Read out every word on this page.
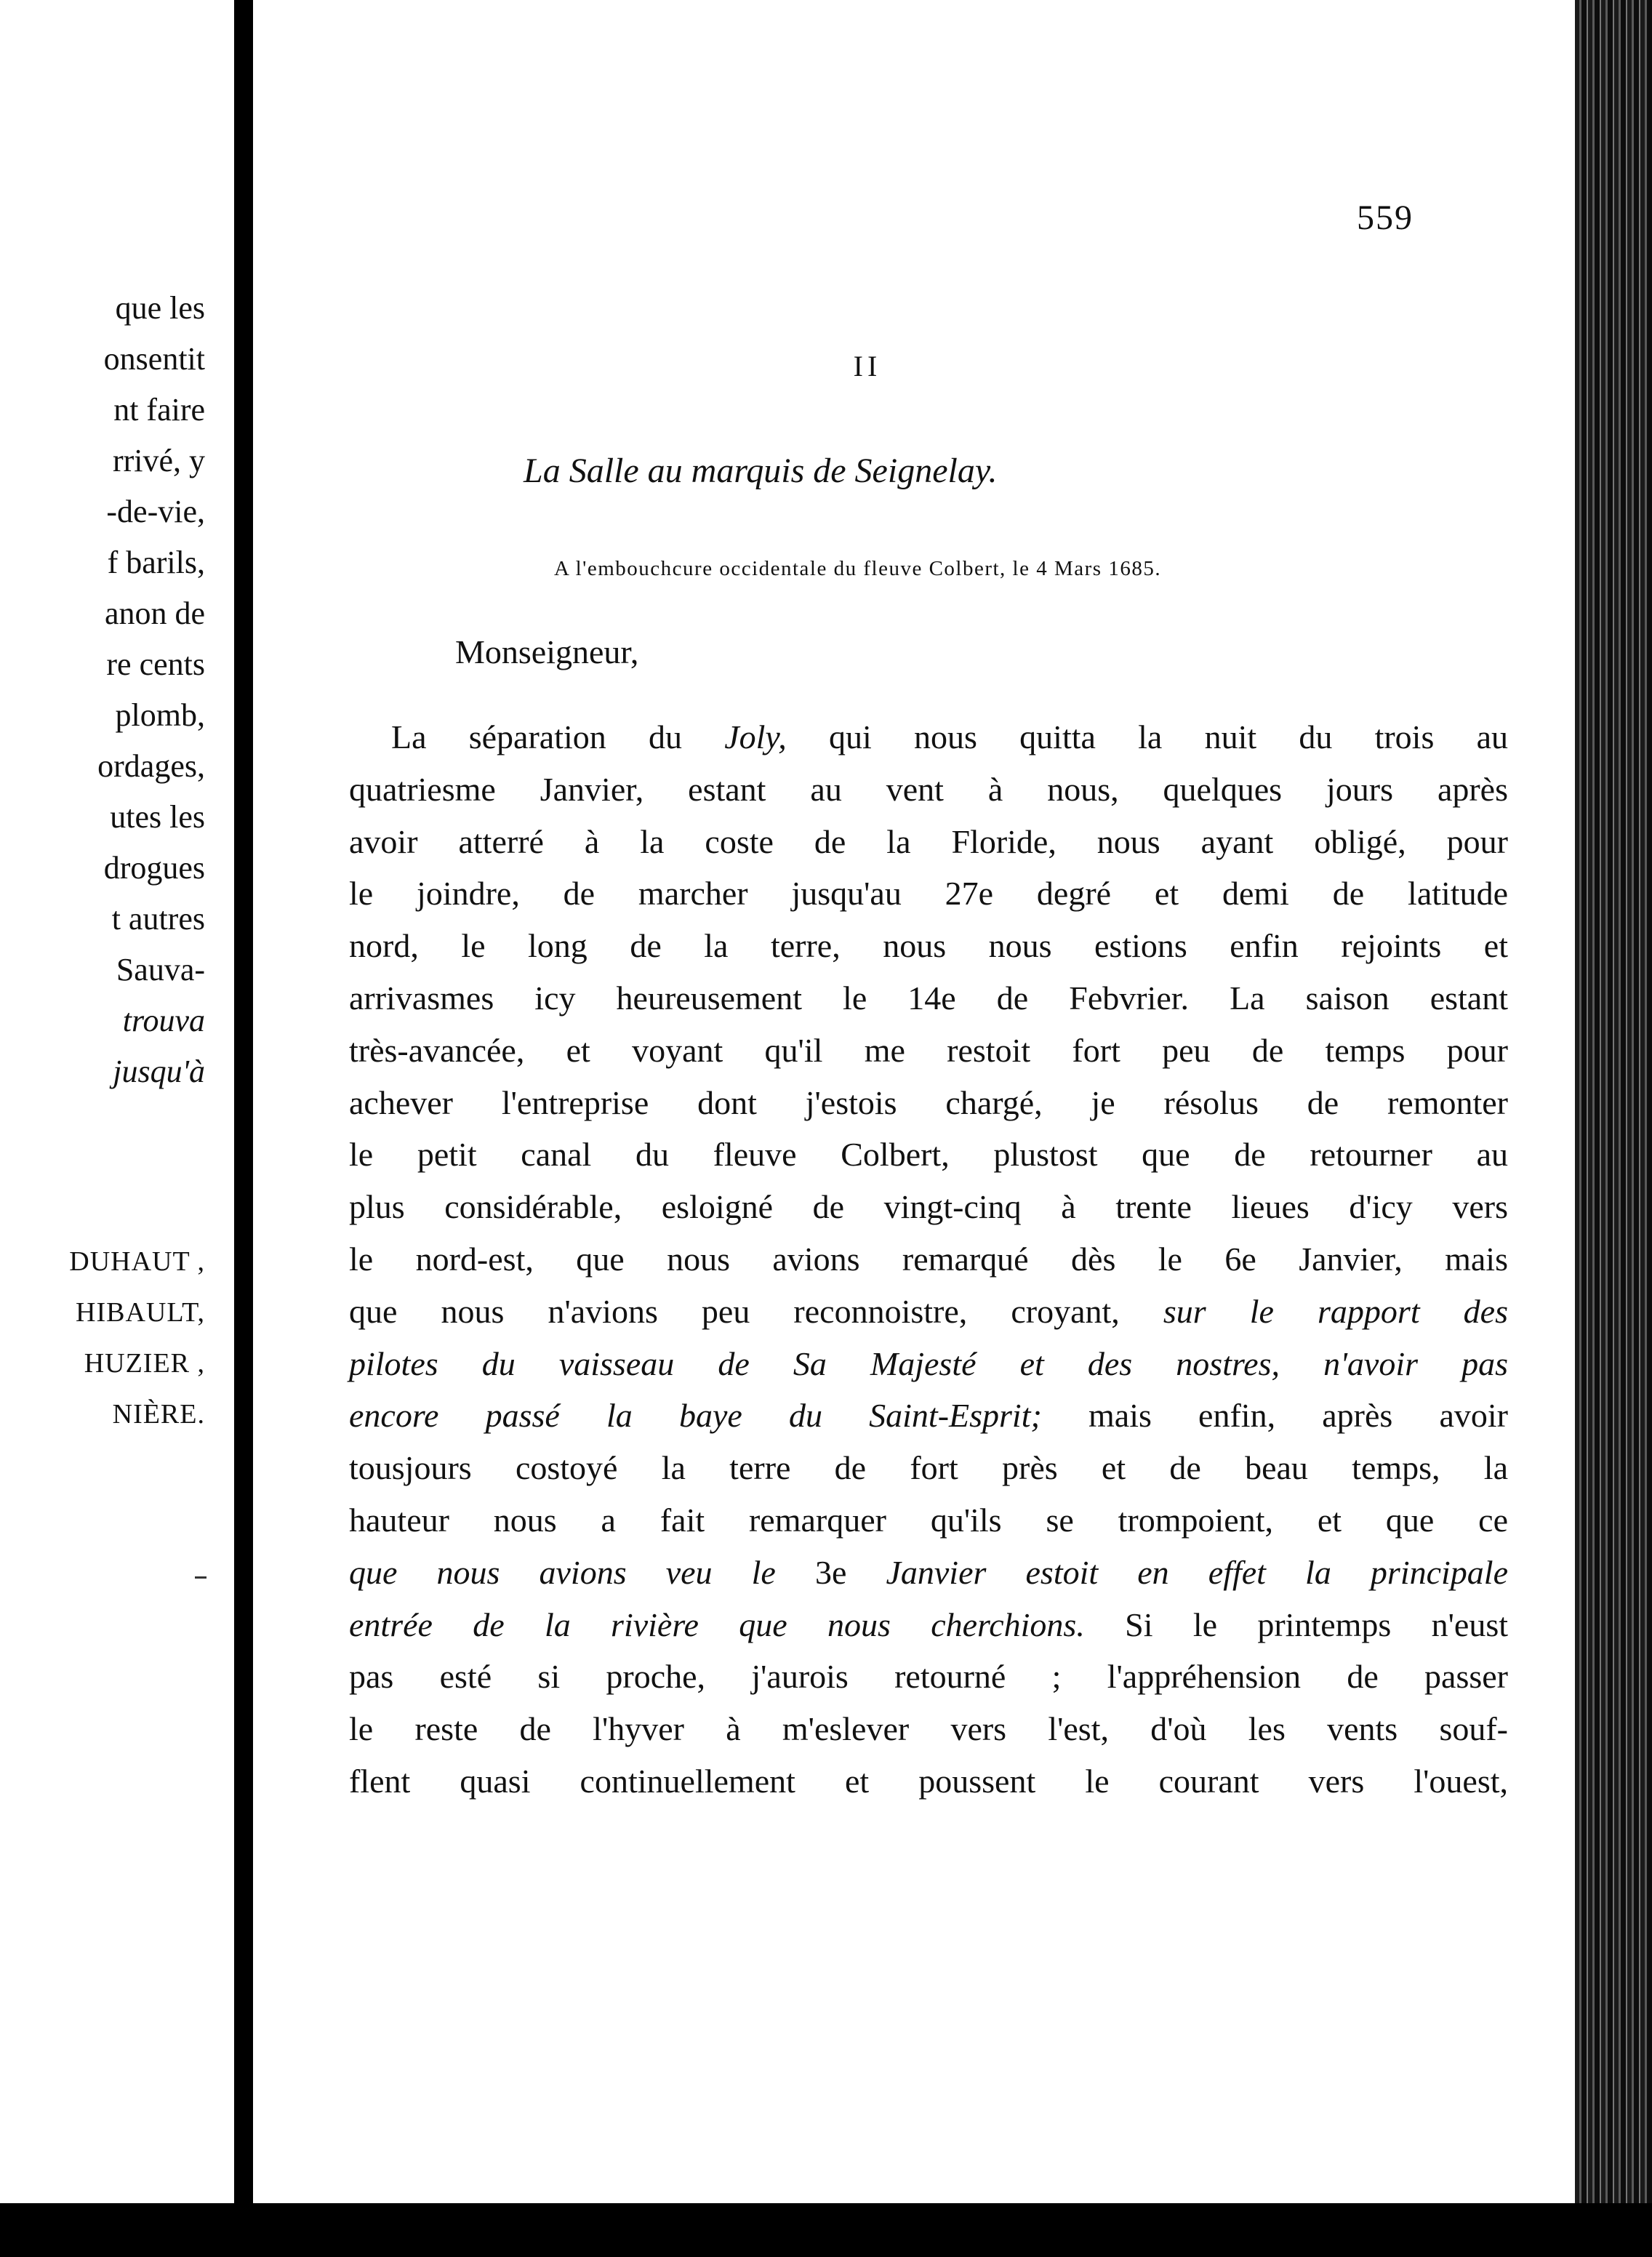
que les
onsentit
nt faire
rrivé, y
-de-vie,
f barils,
anon de
re cents
plomb,
ordages,
utes les
drogues
t autres
Sauva-
trouva
jusqu'à
DUHAUT ,
HIBAULT,
HUZIER ,
NIÈRE.
559
II
La Salle au marquis de Seignelay.
A l'embouchcure occidentale du fleuve Colbert, le 4 Mars 1685.
Monseigneur,
La séparation du Joly, qui nous quitta la nuit du trois au
quatriesme Janvier, estant au vent à nous, quelques jours après
avoir atterré à la coste de la Floride, nous ayant obligé, pour
le joindre, de marcher jusqu'au 27e degré et demi de latitude
nord, le long de la terre, nous nous estions enfin rejoints et
arrivasmes icy heureusement le 14e de Febvrier. La saison estant
très-avancée, et voyant qu'il me restoit fort peu de temps pour
achever l'entreprise dont j'estois chargé, je résolus de remonter
le petit canal du fleuve Colbert, plustost que de retourner au
plus considérable, esloigné de vingt-cinq à trente lieues d'icy vers
le nord-est, que nous avions remarqué dès le 6e Janvier, mais
que nous n'avions peu reconnoistre, croyant, sur le rapport des
pilotes du vaisseau de Sa Majesté et des nostres, n'avoir pas
encore passé la baye du Saint-Esprit; mais enfin, après avoir
tousjours costoyé la terre de fort près et de beau temps, la
hauteur nous a fait remarquer qu'ils se trompoient, et que ce
que nous avions veu le 3e Janvier estoit en effet la principale
entrée de la rivière que nous cherchions. Si le printemps n'eust
pas esté si proche, j'aurois retourné ; l'appréhension de passer
le reste de l'hyver à m'eslever vers l'est, d'où les vents souf-
flent quasi continuellement et poussent le courant vers l'ouest,
